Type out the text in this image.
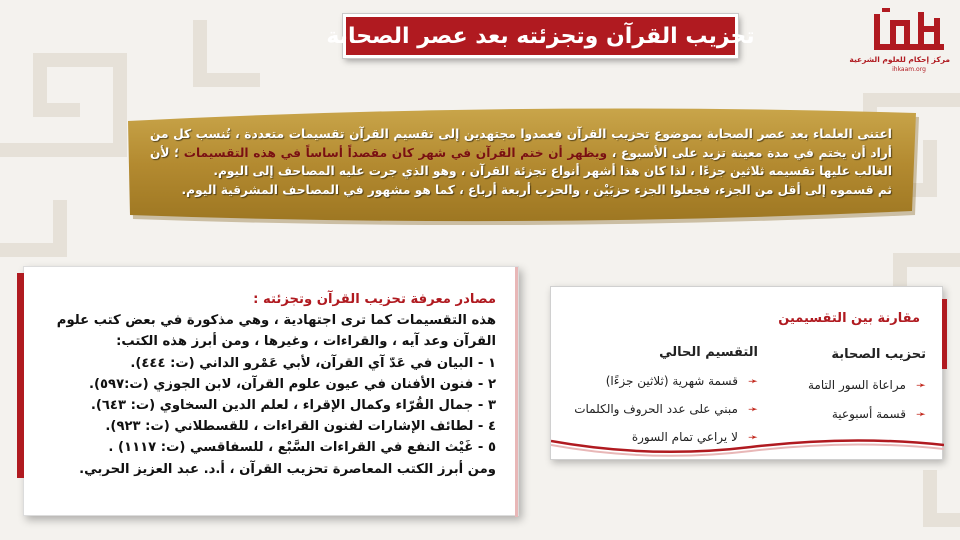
تحزيب القرآن وتجزئته بعد عصر الصحابة
مركز إحكام للعلوم الشرعية
ihkaam.org
اعتنى العلماء بعد عصر الصحابة بموضوع تحزيب القرآن فعمدوا مجتهدين إلى تقسيم القرآن تقسيمات متعددة ، تُنسب كل من أراد أن يختم في مدة معينة تزيد على الأسبوع ، ويظهر أن ختم القرآن في شهر كان مقصداً أساساً في هذه التقسيمات ؛ لأن الغالب عليها تقسيمه ثلاثين جزءًا ، لذا كان هذا أشهر أنواع تجزئة القرآن ، وهو الذي جرت عليه المصاحف إلى اليوم.
ثم قسموه إلى أقل من الجزء، فجعلوا الجزء حزبَيْن ، والحزب أربعة أرباع ، كما هو مشهور في المصاحف المشرقية اليوم.
مصادر معرفة تحزيب القرآن وتجزئته :
هذه التقسيمات كما ترى اجتهادية ، وهي مذكورة في بعض كتب علوم
القرآن وعد آيه ، والقراءات ، وغيرها ، ومن أبرز هذه الكتب:
١ - البيان في عَدّ آي القرآن، لأبي عَمْرو الداني (ت: ٤٤٤).
٢ - فنون الأفنان في عيون علوم القرآن، لابن الجوزي (ت:٥٩٧).
٣ - جمال القُرّاء وكمال الإقراء ، لعلم الدين السخاوي (ت: ٦٤٣).
٤ - لطائف الإشارات لفنون القراءات ، للقسطلاني (ت: ٩٢٣).
٥ - غَيْث النفع في القراءات السَّبْع ، للسفاقسي (ت: ١١١٧) .
ومن أبرز الكتب المعاصرة تحزيب القرآن ، أ.د. عبد العزيز الحربي.
مقارنة بين التقسيمين
تحزيب الصحابة
➛مراعاة السور التامة
➛قسمة أسبوعية
التقسيم الحالي
➛قسمة شهرية (ثلاثين جزءًا)
➛مبني على عدد الحروف والكلمات
➛لا يراعي تمام السورة
